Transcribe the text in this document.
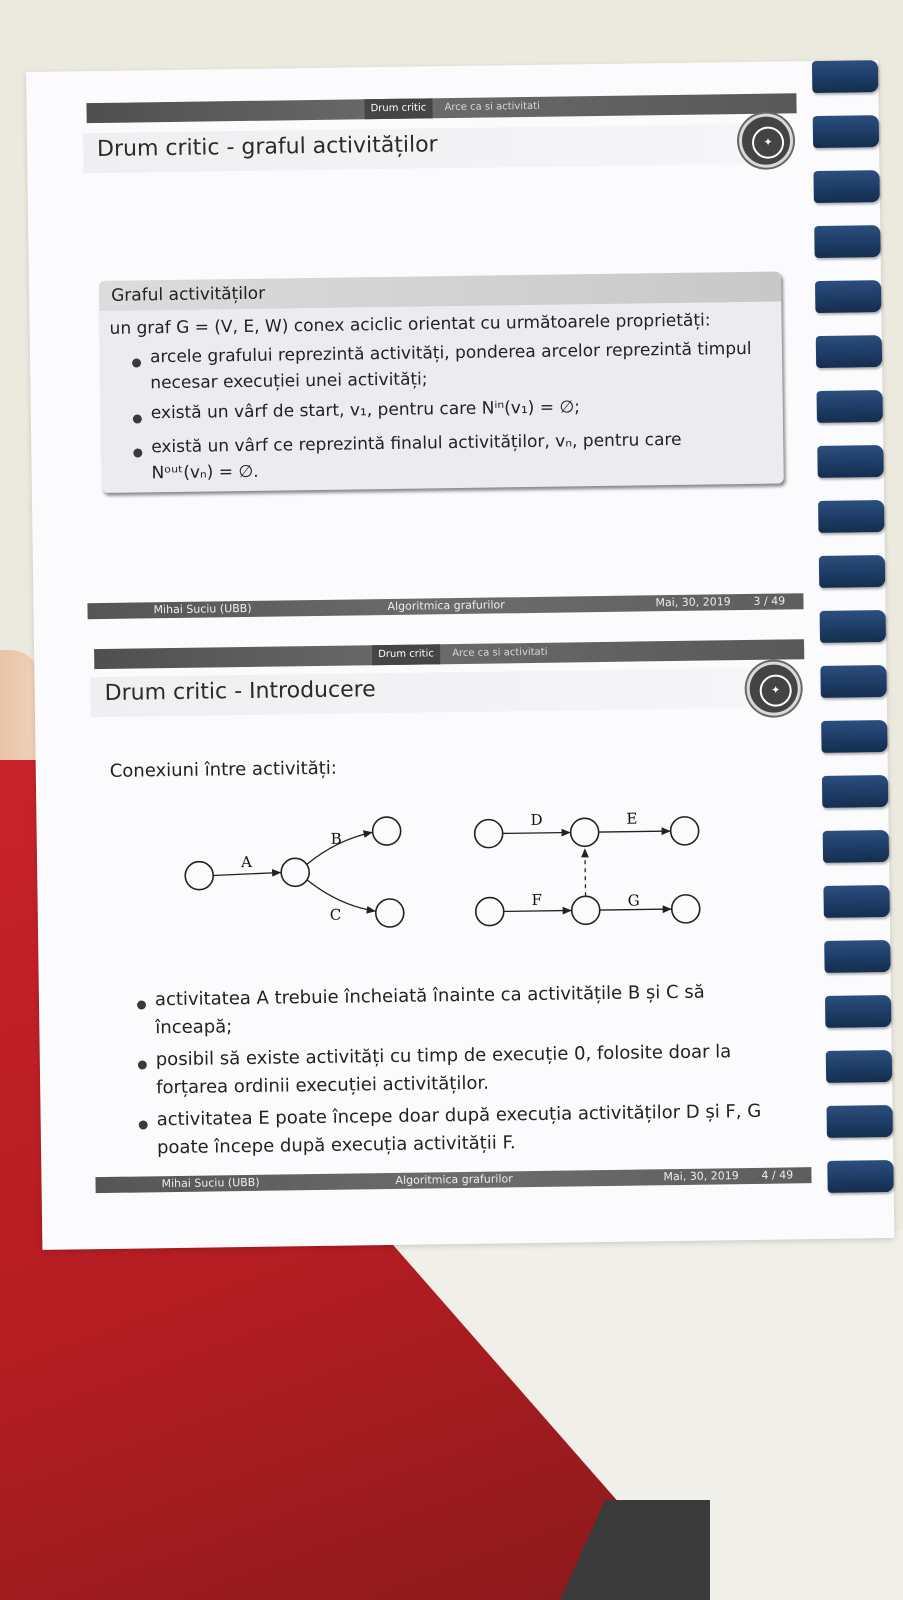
Drum critic	Arce ca si activitati
Drum critic - graful activităților	✦
Graful activităților
un graf G = (V, E, W) conex aciclic orientat cu următoarele proprietăți:
arcele grafului reprezintă activități, ponderea arcelor reprezintă timpul
necesar execuției unei activități;
există un vârf de start, v₁, pentru care Nⁱⁿ(v₁) = ∅;
există un vârf ce reprezintă finalul activităților, vₙ, pentru care
Nᵒᵘᵗ(vₙ) = ∅.
Mihai Suciu (UBB)	Algoritmica grafurilor	Mai, 30, 2019 3 / 49
Drum critic	Arce ca si activitati
Drum critic - Introducere	✦
Conexiuni între activități:
A
B
C
D	E
F	G
activitatea A trebuie încheiată înainte ca activitățile B și C să
înceapă;
posibil să existe activități cu timp de execuție 0, folosite doar la
forțarea ordinii execuției activităților.
activitatea E poate începe doar după execuția activităților D și F, G
poate începe după execuția activității F.
Mihai Suciu (UBB)	Algoritmica grafurilor	Mai, 30, 2019 4 / 49
